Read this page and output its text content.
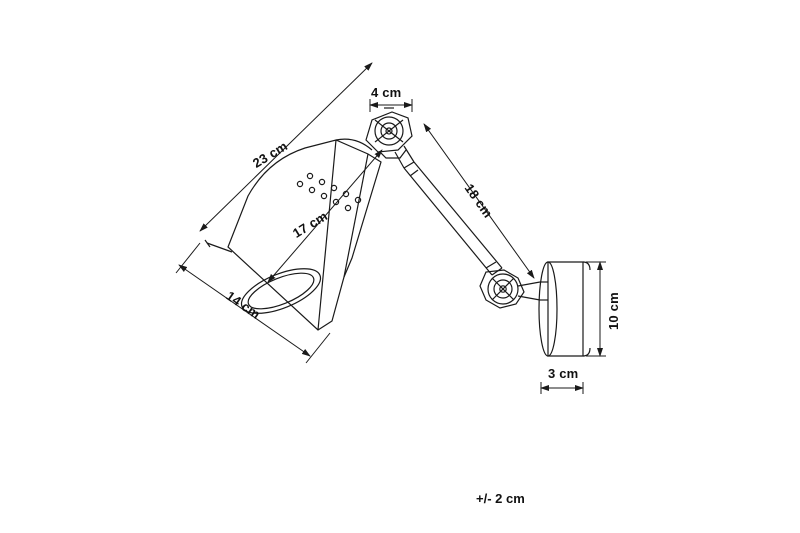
23 cm
4 cm
17 cm
14 cm
18 cm
10 cm
3 cm
+/- 2 cm
